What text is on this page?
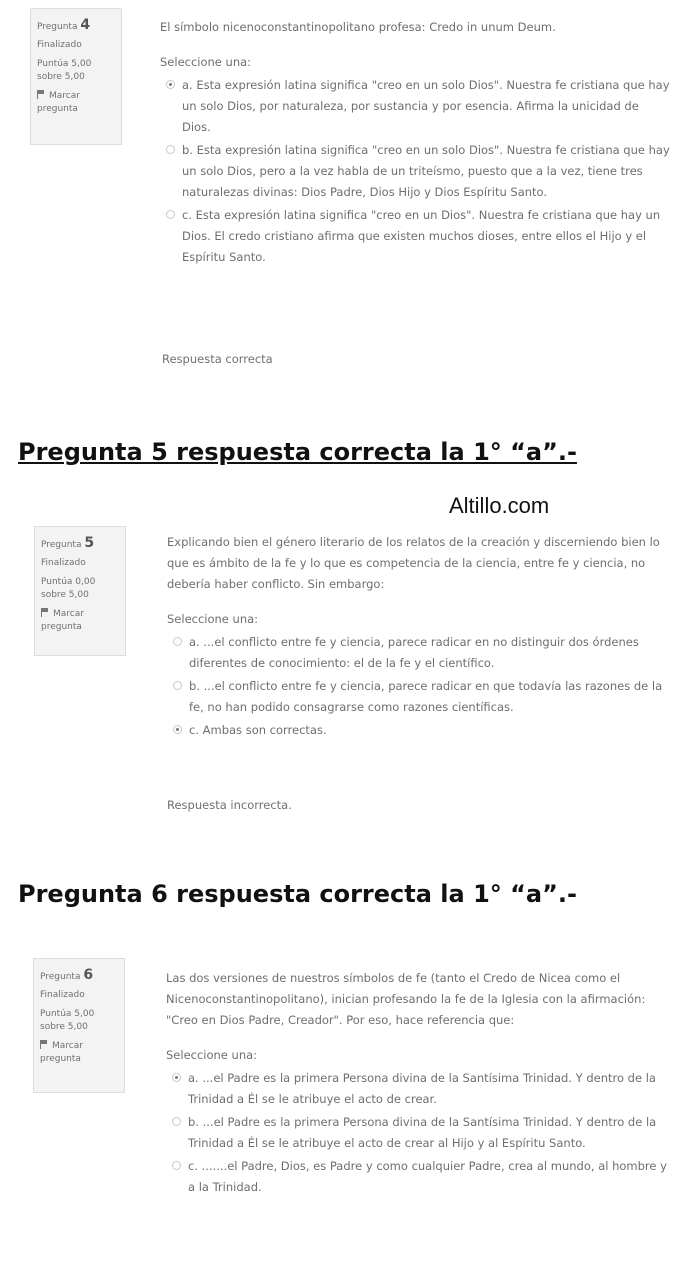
Pregunta 4
Finalizado
Puntúa 5,00
sobre 5,00
Marcar pregunta

El símbolo nicenoconstantinopolitano profesa: Credo in unum Deum.

Seleccione una:
a. Esta expresión latina significa "creo en un solo Dios". Nuestra fe cristiana que hay un solo Dios, por naturaleza, por sustancia y por esencia. Afirma la unicidad de Dios.
b. Esta expresión latina significa "creo en un solo Dios". Nuestra fe cristiana que hay un solo Dios, pero a la vez habla de un triteísmo, puesto que a la vez, tiene tres naturalezas divinas: Dios Padre, Dios Hijo y Dios Espíritu Santo.
c. Esta expresión latina significa "creo en un Dios". Nuestra fe cristiana que hay un Dios. El credo cristiano afirma que existen muchos dioses, entre ellos el Hijo y el Espíritu Santo.
Respuesta correcta
Pregunta 5 respuesta correcta la 1° “a”.-
Altillo.com
Pregunta 5
Finalizado
Puntúa 0,00
sobre 5,00
Marcar pregunta

Explicando bien el género literario de los relatos de la creación y discerniendo bien lo que es ámbito de la fe y lo que es competencia de la ciencia, entre fe y ciencia, no debería haber conflicto. Sin embargo:

Seleccione una:
a. ...el conflicto entre fe y ciencia, parece radicar en no distinguir dos órdenes diferentes de conocimiento: el de la fe y el científico.
b. ...el conflicto entre fe y ciencia, parece radicar en que todavía las razones de la fe, no han podido consagrarse como razones científicas.
c. Ambas son correctas.
Respuesta incorrecta.
Pregunta 6 respuesta correcta la 1° “a”.-
Pregunta 6
Finalizado
Puntúa 5,00
sobre 5,00
Marcar pregunta

Las dos versiones de nuestros símbolos de fe (tanto el Credo de Nicea como el Nicenoconstantinopolitano), inician profesando la fe de la Iglesia con la afirmación: "Creo en Dios Padre, Creador". Por eso, hace referencia que:

Seleccione una:
a. ...el Padre es la primera Persona divina de la Santísima Trinidad. Y dentro de la Trinidad a Él se le atribuye el acto de crear.
b. ...el Padre es la primera Persona divina de la Santísima Trinidad. Y dentro de la Trinidad a Él se le atribuye el acto de crear al Hijo y al Espíritu Santo.
c. .......el Padre, Dios, es Padre y como cualquier Padre, crea al mundo, al hombre y a la Trinidad.
